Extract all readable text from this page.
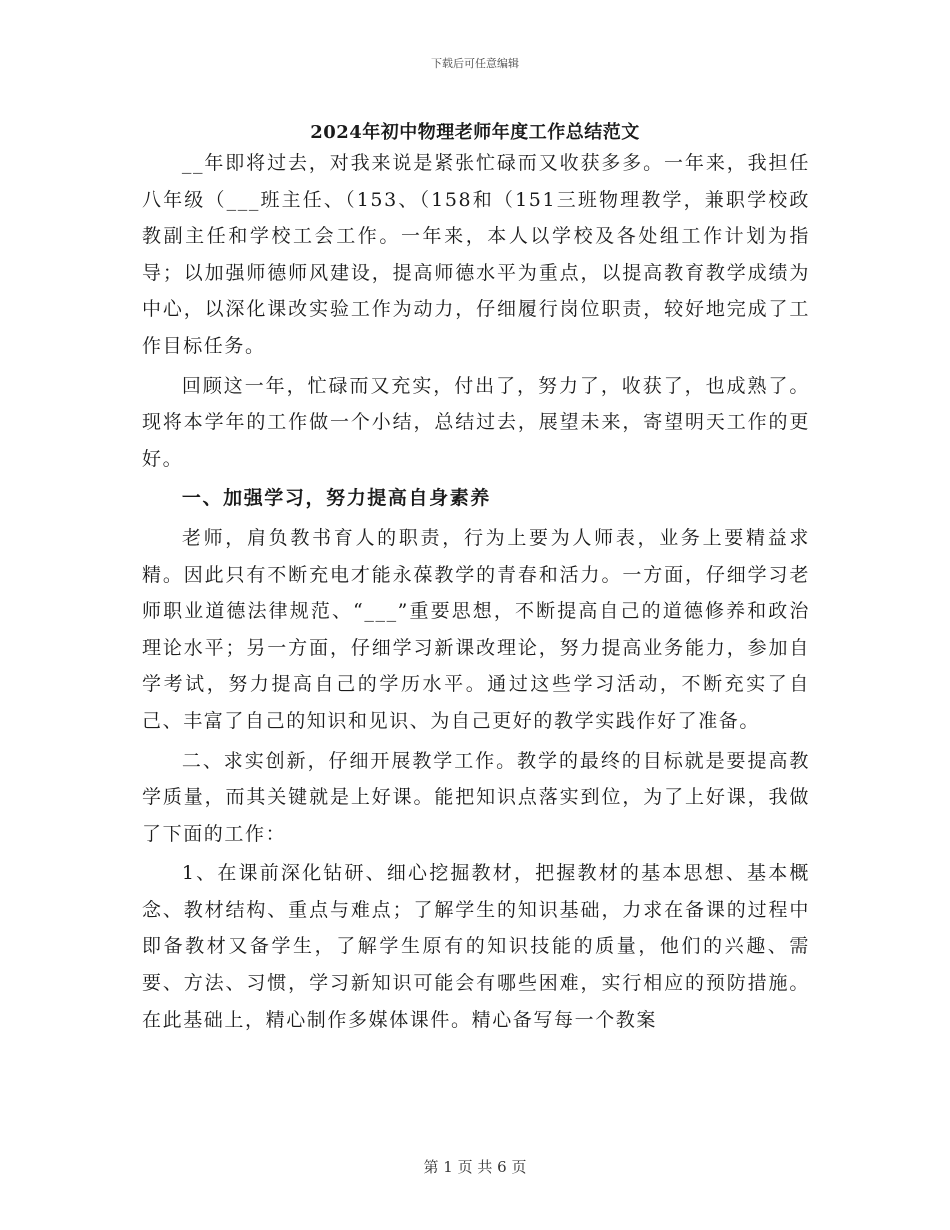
下载后可任意编辑
2024年初中物理老师年度工作总结范文

__年即将过去，对我来说是紧张忙碌而又收获多多。一年来，我担任八年级（___班主任、（153、（158和（151三班物理教学，兼职学校政教副主任和学校工会工作。一年来，本人以学校及各处组工作计划为指导；以加强师德师风建设，提高师德水平为重点，以提高教育教学成绩为中心，以深化课改实验工作为动力，仔细履行岗位职责，较好地完成了工作目标任务。

回顾这一年，忙碌而又充实，付出了，努力了，收获了，也成熟了。现将本学年的工作做一个小结，总结过去，展望未来，寄望明天工作的更好。

一、加强学习，努力提高自身素养

老师，肩负教书育人的职责，行为上要为人师表，业务上要精益求精。因此只有不断充电才能永葆教学的青春和活力。一方面，仔细学习老师职业道德法律规范、“___”重要思想，不断提高自己的道德修养和政治理论水平；另一方面，仔细学习新课改理论，努力提高业务能力，参加自学考试，努力提高自己的学历水平。通过这些学习活动，不断充实了自己、丰富了自己的知识和见识、为自己更好的教学实践作好了准备。

二、求实创新，仔细开展教学工作。教学的最终的目标就是要提高教学质量，而其关键就是上好课。能把知识点落实到位，为了上好课，我做了下面的工作：

1、在课前深化钻研、细心挖掘教材，把握教材的基本思想、基本概念、教材结构、重点与难点；了解学生的知识基础，力求在备课的过程中即备教材又备学生，了解学生原有的知识技能的质量，他们的兴趣、需要、方法、习惯，学习新知识可能会有哪些困难，实行相应的预防措施。在此基础上，精心制作多媒体课件。精心备写每一个教案

第 1 页 共 6 页
